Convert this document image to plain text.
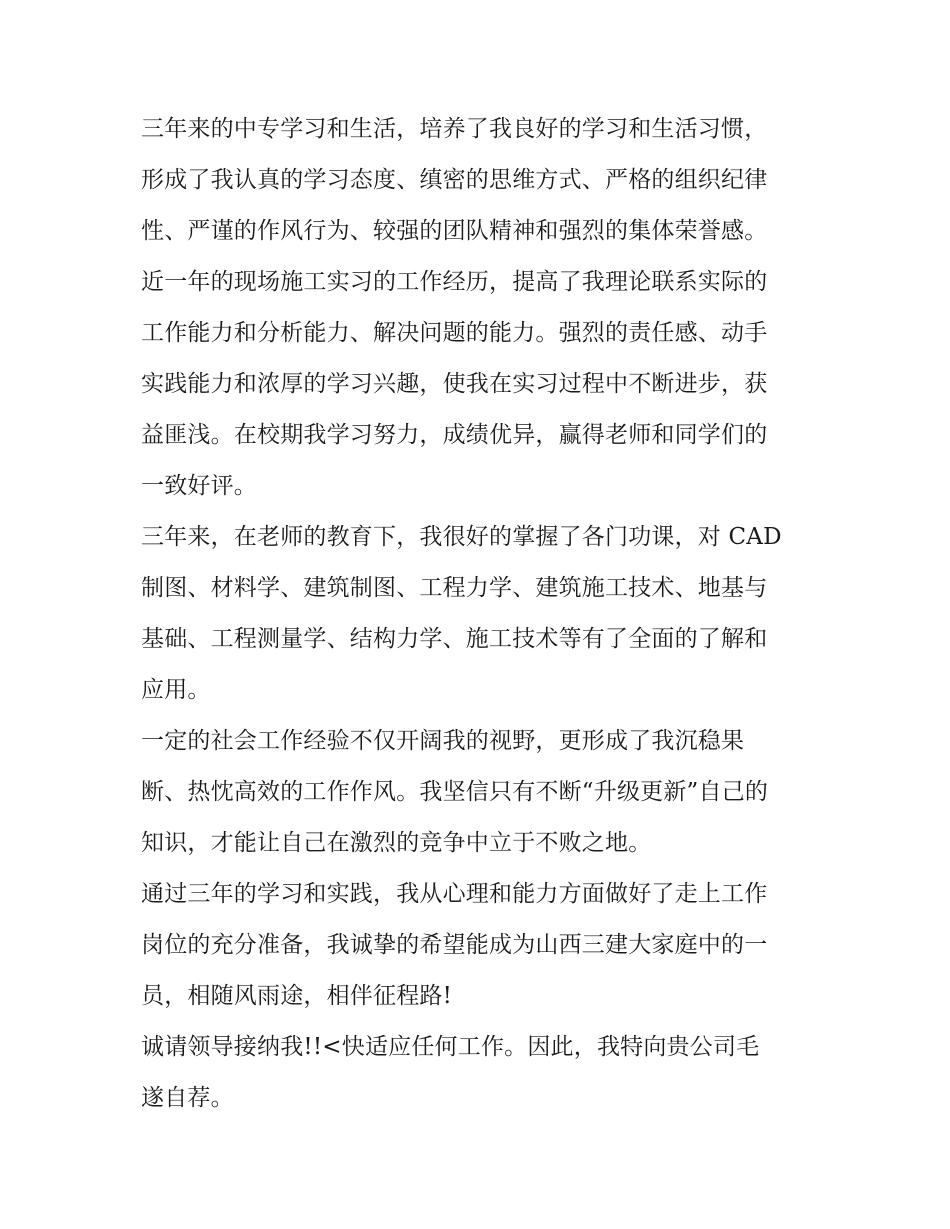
三年来的中专学习和生活，培养了我良好的学习和生活习惯，

形成了我认真的学习态度、缜密的思维方式、严格的组织纪律

性、严谨的作风行为、较强的团队精神和强烈的集体荣誉感。

近一年的现场施工实习的工作经历，提高了我理论联系实际的

工作能力和分析能力、解决问题的能力。强烈的责任感、动手

实践能力和浓厚的学习兴趣，使我在实习过程中不断进步，获

益匪浅。在校期我学习努力，成绩优异，赢得老师和同学们的

一致好评。

三年来，在老师的教育下，我很好的掌握了各门功课，对 CAD

制图、材料学、建筑制图、工程力学、建筑施工技术、地基与

基础、工程测量学、结构力学、施工技术等有了全面的了解和

应用。

一定的社会工作经验不仅开阔我的视野，更形成了我沉稳果

断、热忱高效的工作作风。我坚信只有不断“升级更新”自己的

知识，才能让自己在激烈的竞争中立于不败之地。

通过三年的学习和实践，我从心理和能力方面做好了走上工作

岗位的充分准备，我诚挚的希望能成为山西三建大家庭中的一

员，相随风雨途，相伴征程路!

诚请领导接纳我!!<快适应任何工作。因此，我特向贵公司毛

遂自荐。
